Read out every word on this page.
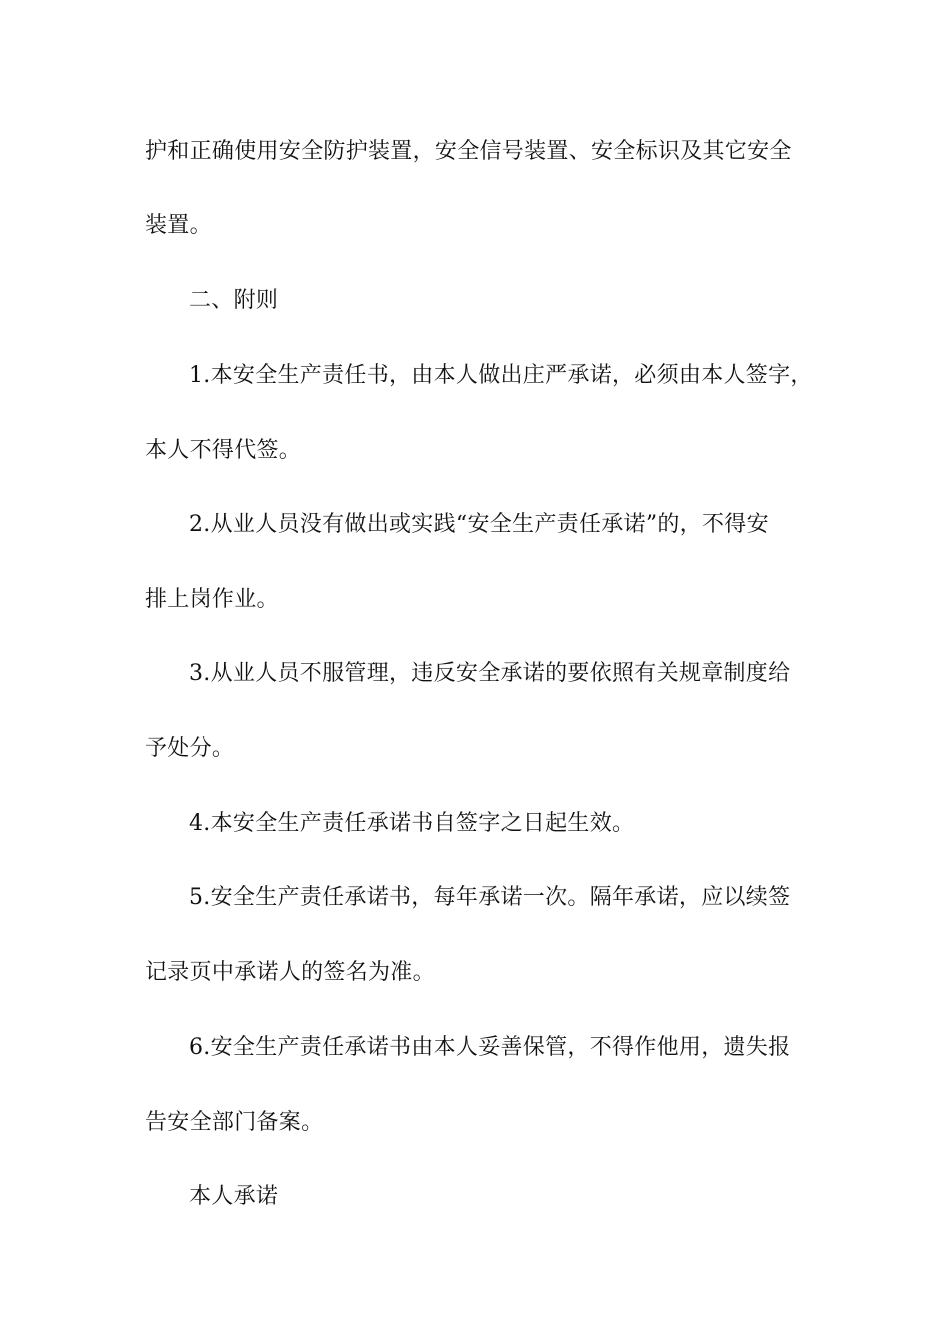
护和正确使用安全防护装置，安全信号装置、安全标识及其它安全
装置。
二、附则
1.本安全生产责任书，由本人做出庄严承诺，必须由本人签字，
本人不得代签。
2.从业人员没有做出或实践“安全生产责任承诺”的，不得安
排上岗作业。
3.从业人员不服管理，违反安全承诺的要依照有关规章制度给
予处分。
4.本安全生产责任承诺书自签字之日起生效。
5.安全生产责任承诺书，每年承诺一次。隔年承诺，应以续签
记录页中承诺人的签名为准。
6.安全生产责任承诺书由本人妥善保管，不得作他用，遗失报
告安全部门备案。
本人承诺
